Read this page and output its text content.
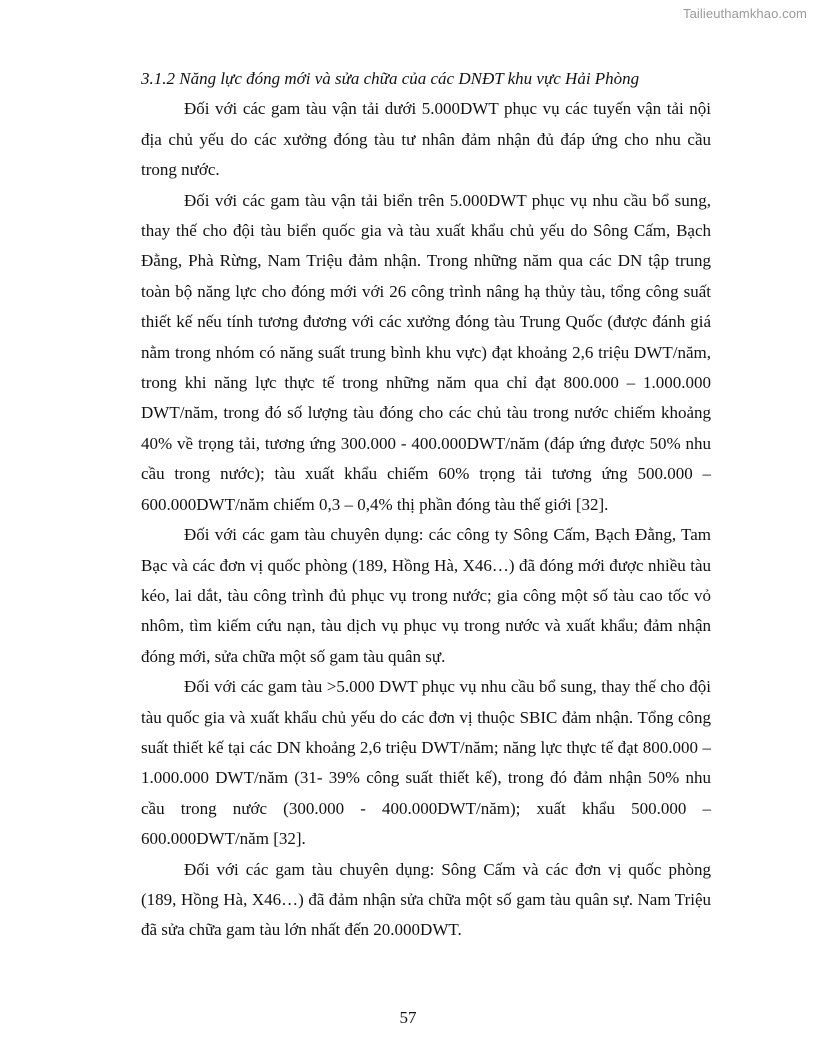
Tailieuthamkhao.com

3.1.2 Năng lực đóng mới và sửa chữa của các DNĐT khu vực Hải Phòng

Đối với các gam tàu vận tải dưới 5.000DWT phục vụ các tuyến vận tải nội địa chủ yếu do các xưởng đóng tàu tư nhân đảm nhận đủ đáp ứng cho nhu cầu trong nước.

Đối với các gam tàu vận tải biển trên 5.000DWT phục vụ nhu cầu bổ sung, thay thế cho đội tàu biển quốc gia và tàu xuất khẩu chủ yếu do Sông Cấm, Bạch Đằng, Phà Rừng, Nam Triệu đảm nhận. Trong những năm qua các DN tập trung toàn bộ năng lực cho đóng mới với 26 công trình nâng hạ thủy tàu, tổng công suất thiết kế nếu tính tương đương với các xưởng đóng tàu Trung Quốc (được đánh giá nằm trong nhóm có năng suất trung bình khu vực) đạt khoảng 2,6 triệu DWT/năm, trong khi năng lực thực tế trong những năm qua chỉ đạt 800.000 – 1.000.000 DWT/năm, trong đó số lượng tàu đóng cho các chủ tàu trong nước chiếm khoảng 40% về trọng tải, tương ứng 300.000 - 400.000DWT/năm (đáp ứng được 50% nhu cầu trong nước); tàu xuất khẩu chiếm 60% trọng tải tương ứng 500.000 – 600.000DWT/năm chiếm 0,3 – 0,4% thị phần đóng tàu thế giới [32].

Đối với các gam tàu chuyên dụng: các công ty Sông Cấm, Bạch Đằng, Tam Bạc và các đơn vị quốc phòng (189, Hồng Hà, X46…) đã đóng mới được nhiều tàu kéo, lai dắt, tàu công trình đủ phục vụ trong nước; gia công một số tàu cao tốc vỏ nhôm, tìm kiếm cứu nạn, tàu dịch vụ phục vụ trong nước và xuất khẩu; đảm nhận đóng mới, sửa chữa một số gam tàu quân sự.

Đối với các gam tàu >5.000 DWT phục vụ nhu cầu bổ sung, thay thế cho đội tàu quốc gia và xuất khẩu chủ yếu do các đơn vị thuộc SBIC đảm nhận. Tổng công suất thiết kế tại các DN khoảng 2,6 triệu DWT/năm; năng lực thực tế đạt 800.000 – 1.000.000 DWT/năm (31- 39% công suất thiết kế), trong đó đảm nhận 50% nhu cầu trong nước (300.000 - 400.000DWT/năm); xuất khẩu 500.000 – 600.000DWT/năm [32].

Đối với các gam tàu chuyên dụng: Sông Cấm và các đơn vị quốc phòng (189, Hồng Hà, X46…) đã đảm nhận sửa chữa một số gam tàu quân sự. Nam Triệu đã sửa chữa gam tàu lớn nhất đến 20.000DWT.

57
